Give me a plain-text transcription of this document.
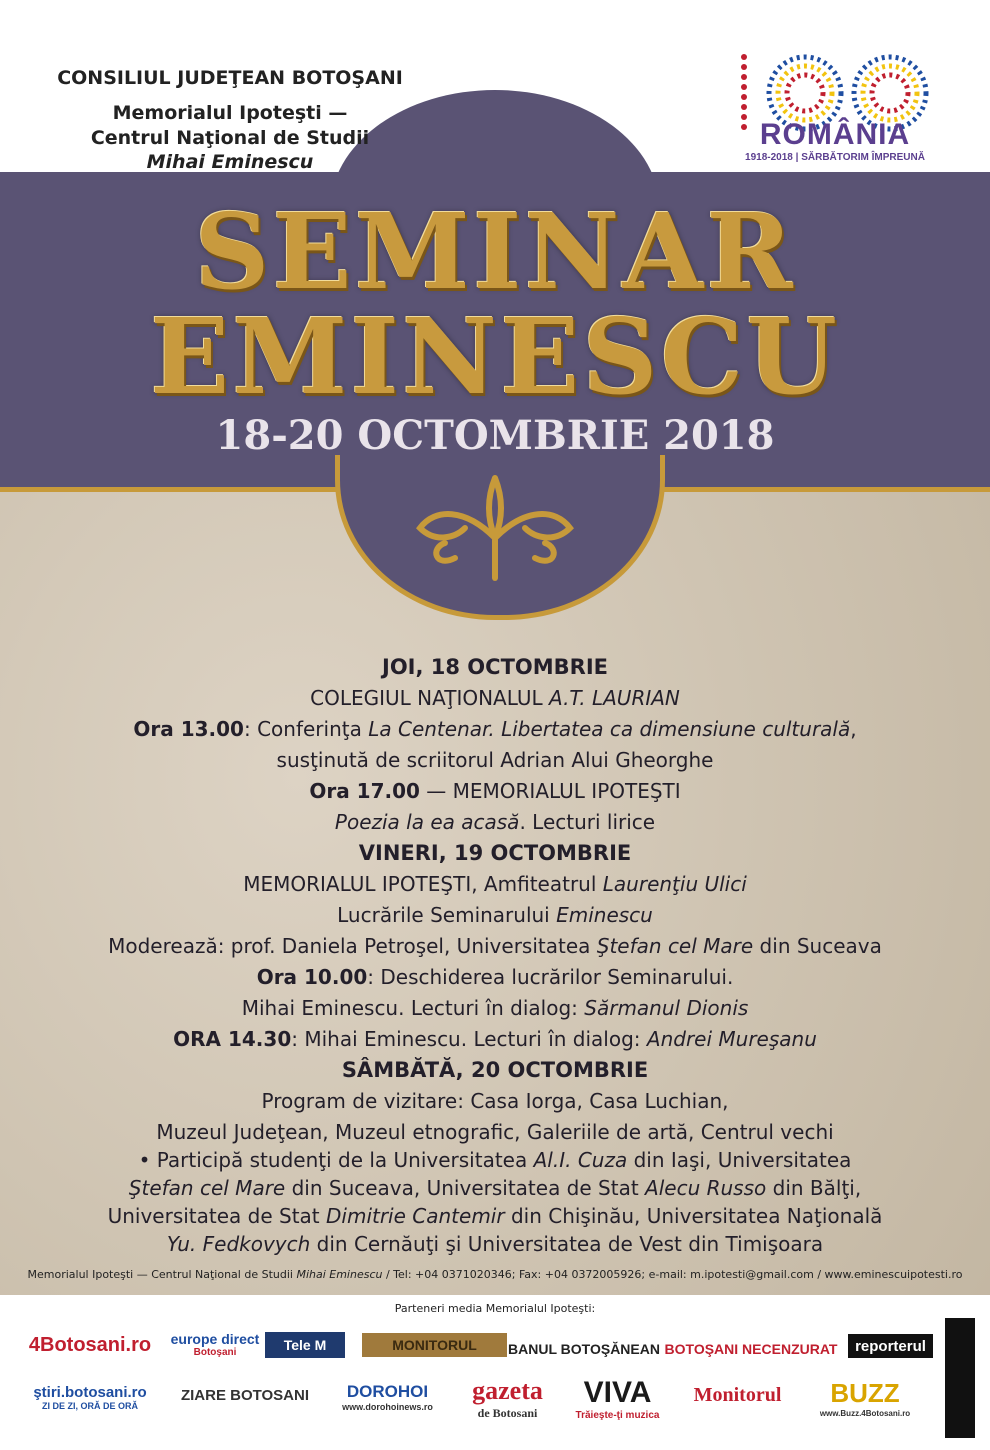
CONSILIUL JUDEŢEAN BOTOŞANI
Memorialul Ipoteşti —
Centrul Naţional de Studii
Mihai Eminescu
100
ROMÂNIA
1918-2018 | SĂRBĂTORIM ÎMPREUNĂ
SEMINAR
EMINESCU
18-20 OCTOMBRIE 2018
JOI, 18 OCTOMBRIE
COLEGIUL NAŢIONALUL A.T. LAURIAN
Ora 13.00: Conferinţa La Centenar. Libertatea ca dimensiune culturală,
susţinută de scriitorul Adrian Alui Gheorghe
Ora 17.00 — MEMORIALUL IPOTEŞTI
Poezia la ea acasă. Lecturi lirice
VINERI, 19 OCTOMBRIE
MEMORIALUL IPOTEŞTI, Amfiteatrul Laurenţiu Ulici
Lucrările Seminarului Eminescu
Moderează: prof. Daniela Petroşel, Universitatea Ştefan cel Mare din Suceava
Ora 10.00: Deschiderea lucrărilor Seminarului.
Mihai Eminescu. Lecturi în dialog: Sărmanul Dionis
ORA 14.30: Mihai Eminescu. Lecturi în dialog: Andrei Mureşanu
SÂMBĂTĂ, 20 OCTOMBRIE
Program de vizitare: Casa Iorga, Casa Luchian,
Muzeul Judeţean, Muzeul etnografic, Galeriile de artă, Centrul vechi
• Participă studenţi de la Universitatea Al.I. Cuza din Iaşi, Universitatea
Ştefan cel Mare din Suceava, Universitatea de Stat Alecu Russo din Bălţi,
Universitatea de Stat Dimitrie Cantemir din Chişinău, Universitatea Naţională
Yu. Fedkovych din Cernăuţi şi Universitatea de Vest din Timişoara
Memorialul Ipoteşti — Centrul Naţional de Studii Mihai Eminescu / Tel: +04 0371020346; Fax: +04 0372005926; e-mail: m.ipotesti@gmail.com / www.eminescuipotesti.ro
Parteneri media Memorialul Ipoteşti:
4Botosani.ro	europe direct
Botoşani	Tele M	MONITORUL	BANUL BOTOŞĂNEAN BOTOŞANI NECENZURAT	reporterul
ştiri.botosani.ro
ZI DE ZI, ORĂ DE ORĂ
ZIARE BOTOSANI DOROHOI
www.dorohoinews.ro
gazeta
de Botosani
VIVA
Trăieşte-ţi muzica
Monitorul	BUZZ
www.Buzz.4Botosani.ro
